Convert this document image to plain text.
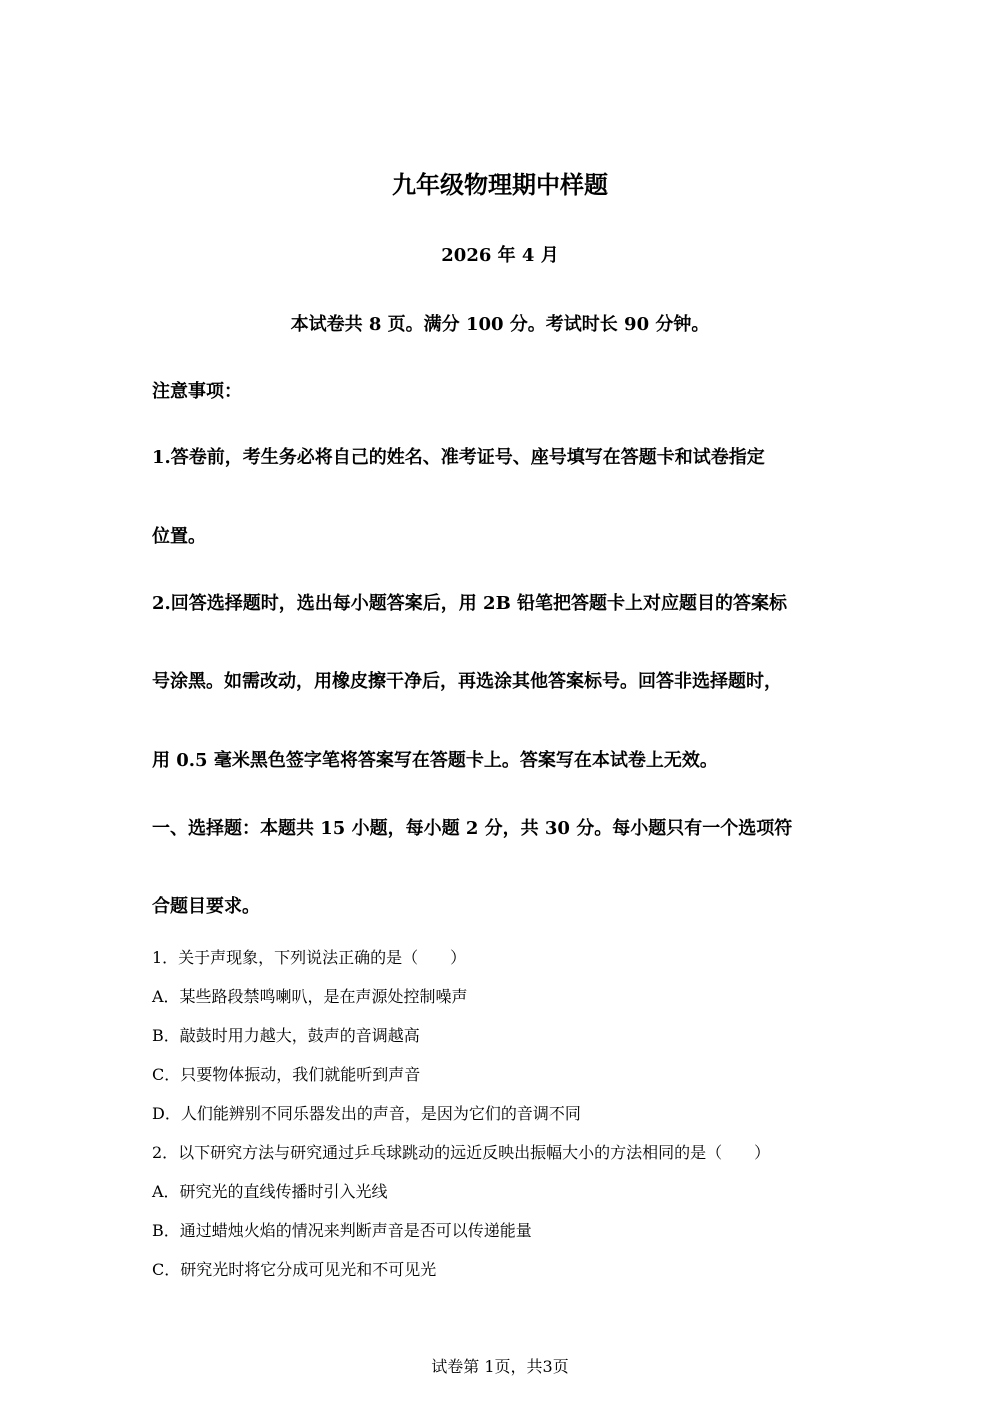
九年级物理期中样题
2026 年 4 月
本试卷共 8 页。满分 100 分。考试时长 90 分钟。
注意事项：
1.答卷前，考生务必将自己的姓名、准考证号、座号填写在答题卡和试卷指定
位置。
2.回答选择题时，选出每小题答案后，用 2B 铅笔把答题卡上对应题目的答案标
号涂黑。如需改动，用橡皮擦干净后，再选涂其他答案标号。回答非选择题时，
用 0.5 毫米黑色签字笔将答案写在答题卡上。答案写在本试卷上无效。
一、选择题：本题共 15 小题，每小题 2 分，共 30 分。每小题只有一个选项符
合题目要求。
1．关于声现象，下列说法正确的是（　　）
A．某些路段禁鸣喇叭，是在声源处控制噪声
B．敲鼓时用力越大，鼓声的音调越高
C．只要物体振动，我们就能听到声音
D．人们能辨别不同乐器发出的声音，是因为它们的音调不同
2．以下研究方法与研究通过乒乓球跳动的远近反映出振幅大小的方法相同的是（　　）
A．研究光的直线传播时引入光线
B．通过蜡烛火焰的情况来判断声音是否可以传递能量
C．研究光时将它分成可见光和不可见光
试卷第 1页，共3页
